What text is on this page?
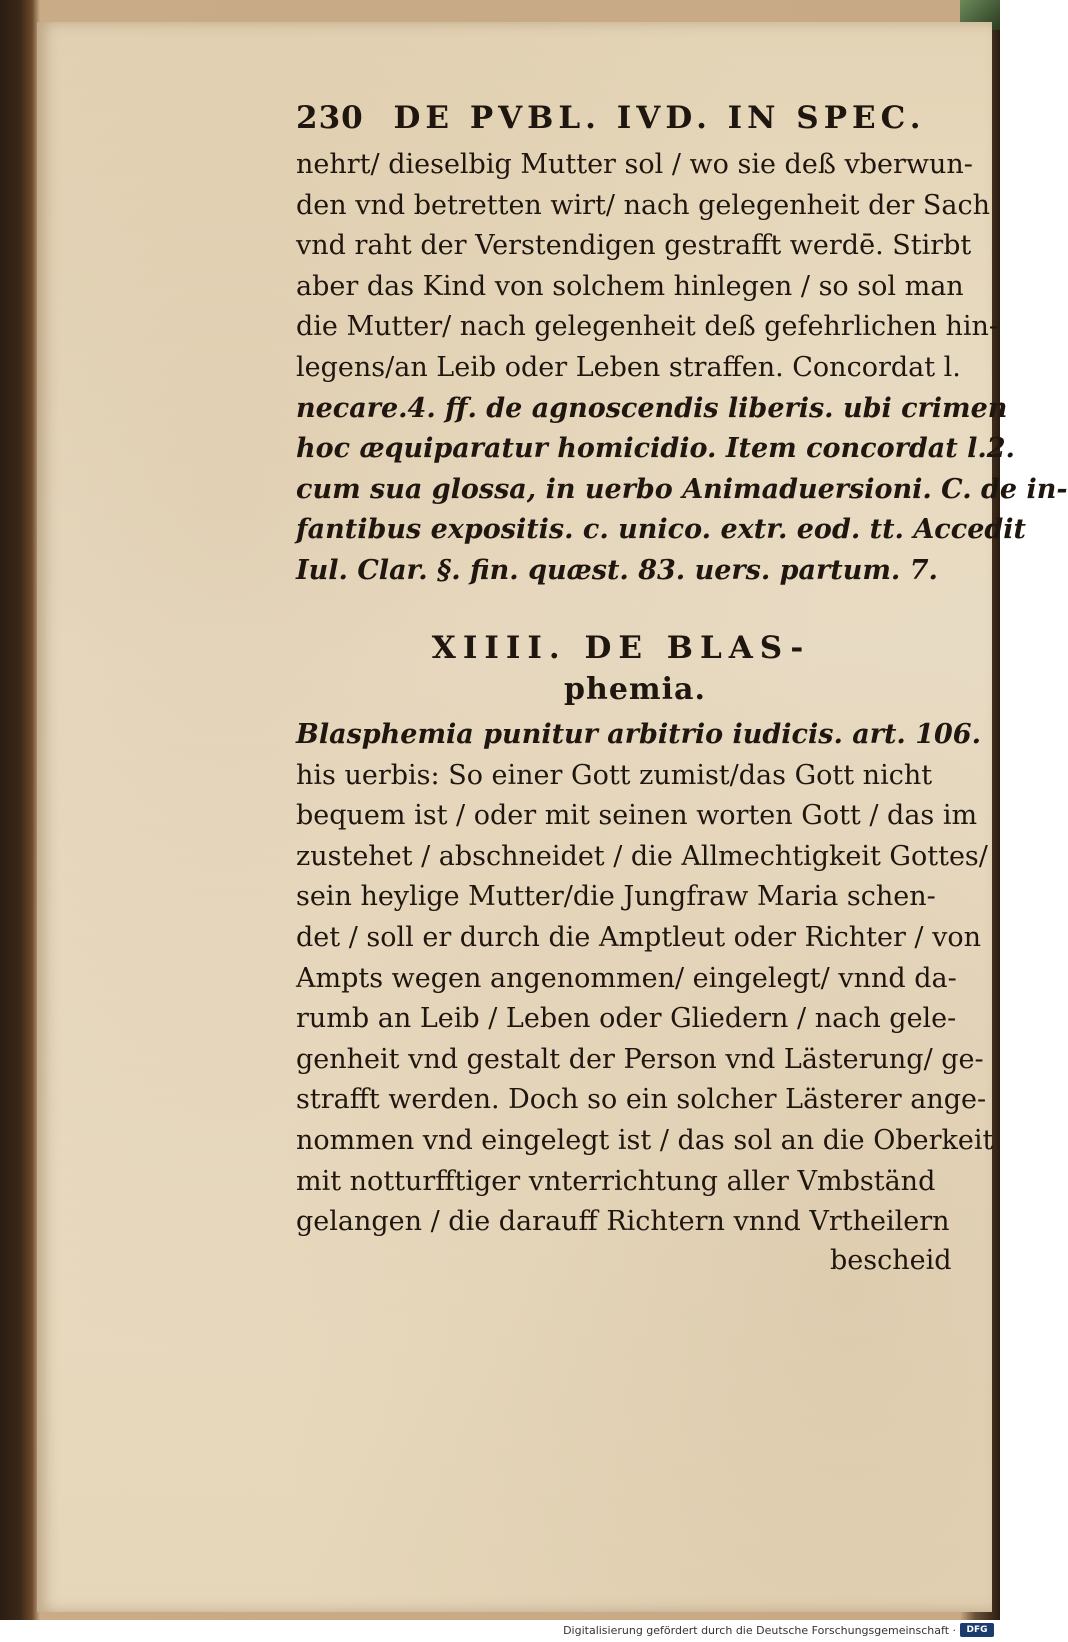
230 DE PVBL. IVD. IN SPEC.
nehrt/ dieselbig Mutter sol / wo sie deß vberwun-
den vnd betretten wirt/ nach gelegenheit der Sach
vnd raht der Verstendigen gestrafft werdē. Stirbt
aber das Kind von solchem hinlegen / so sol man
die Mutter/ nach gelegenheit deß gefehrlichen hin-
legens/an Leib oder Leben straffen. Concordat l.
necare.4. ff. de agnoscendis liberis. ubi crimen
hoc æquiparatur homicidio. Item concordat l.2.
cum sua glossa, in uerbo Animaduersioni. C. de in-
fantibus expositis. c. unico. extr. eod. tt. Accedit
Iul. Clar. §. fin. quæst. 83. uers. partum. 7.
XIIII. DE BLAS-
phemia.
Blasphemia punitur arbitrio iudicis. art. 106.
his uerbis: So einer Gott zumist/das Gott nicht
bequem ist / oder mit seinen worten Gott / das im
zustehet / abschneidet / die Allmechtigkeit Gottes/
sein heylige Mutter/die Jungfraw Maria schen-
det / soll er durch die Amptleut oder Richter / von
Ampts wegen angenommen/ eingelegt/ vnnd da-
rumb an Leib / Leben oder Gliedern / nach gele-
genheit vnd gestalt der Person vnd Lästerung/ ge-
strafft werden. Doch so ein solcher Lästerer ange-
nommen vnd eingelegt ist / das sol an die Oberkeit
mit notturfftiger vnterrichtung aller Vmbständ
gelangen / die darauff Richtern vnnd Vrtheilern
bescheid
Digitalisierung gefördert durch die Deutsche Forschungsgemeinschaft ·	DFG
